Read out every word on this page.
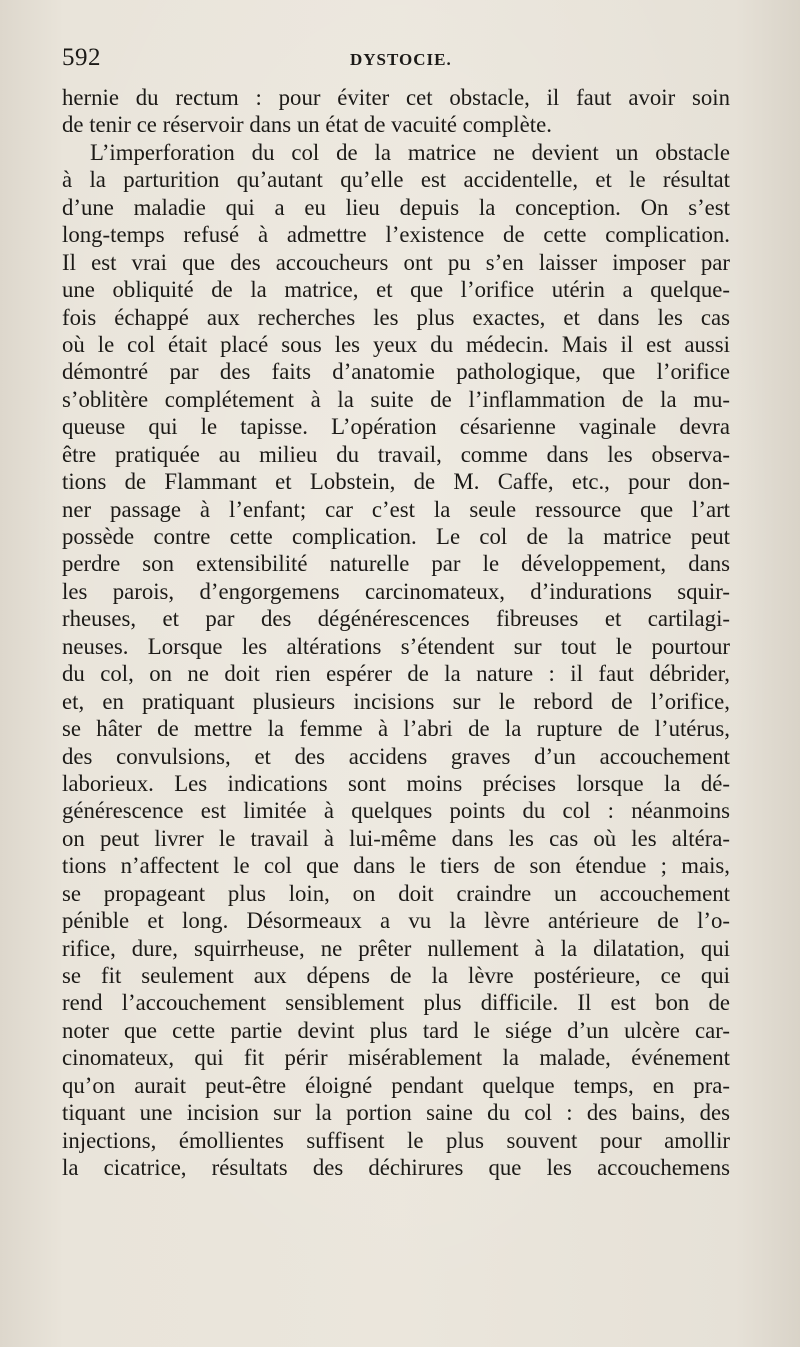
592	DYSTOCIE.
hernie du rectum : pour éviter cet obstacle, il faut avoir soin
de tenir ce réservoir dans un état de vacuité complète.
L’imperforation du col de la matrice ne devient un obstacle
à la parturition qu’autant qu’elle est accidentelle, et le résultat
d’une maladie qui a eu lieu depuis la conception. On s’est
long-temps refusé à admettre l’existence de cette complication.
Il est vrai que des accoucheurs ont pu s’en laisser imposer par
une obliquité de la matrice, et que l’orifice utérin a quelque-
fois échappé aux recherches les plus exactes, et dans les cas
où le col était placé sous les yeux du médecin. Mais il est aussi
démontré par des faits d’anatomie pathologique, que l’orifice
s’oblitère complétement à la suite de l’inflammation de la mu-
queuse qui le tapisse. L’opération césarienne vaginale devra
être pratiquée au milieu du travail, comme dans les observa-
tions de Flammant et Lobstein, de M. Caffe, etc., pour don-
ner passage à l’enfant; car c’est la seule ressource que l’art
possède contre cette complication. Le col de la matrice peut
perdre son extensibilité naturelle par le développement, dans
les parois, d’engorgemens carcinomateux, d’indurations squir-
rheuses, et par des dégénérescences fibreuses et cartilagi-
neuses. Lorsque les altérations s’étendent sur tout le pourtour
du col, on ne doit rien espérer de la nature : il faut débrider,
et, en pratiquant plusieurs incisions sur le rebord de l’orifice,
se hâter de mettre la femme à l’abri de la rupture de l’utérus,
des convulsions, et des accidens graves d’un accouchement
laborieux. Les indications sont moins précises lorsque la dé-
générescence est limitée à quelques points du col : néanmoins
on peut livrer le travail à lui-même dans les cas où les altéra-
tions n’affectent le col que dans le tiers de son étendue ; mais,
se propageant plus loin, on doit craindre un accouchement
pénible et long. Désormeaux a vu la lèvre antérieure de l’o-
rifice, dure, squirrheuse, ne prêter nullement à la dilatation, qui
se fit seulement aux dépens de la lèvre postérieure, ce qui
rend l’accouchement sensiblement plus difficile. Il est bon de
noter que cette partie devint plus tard le siége d’un ulcère car-
cinomateux, qui fit périr misérablement la malade, événement
qu’on aurait peut-être éloigné pendant quelque temps, en pra-
tiquant une incision sur la portion saine du col : des bains, des
injections, émollientes suffisent le plus souvent pour amollir
la cicatrice, résultats des déchirures que les accouchemens
